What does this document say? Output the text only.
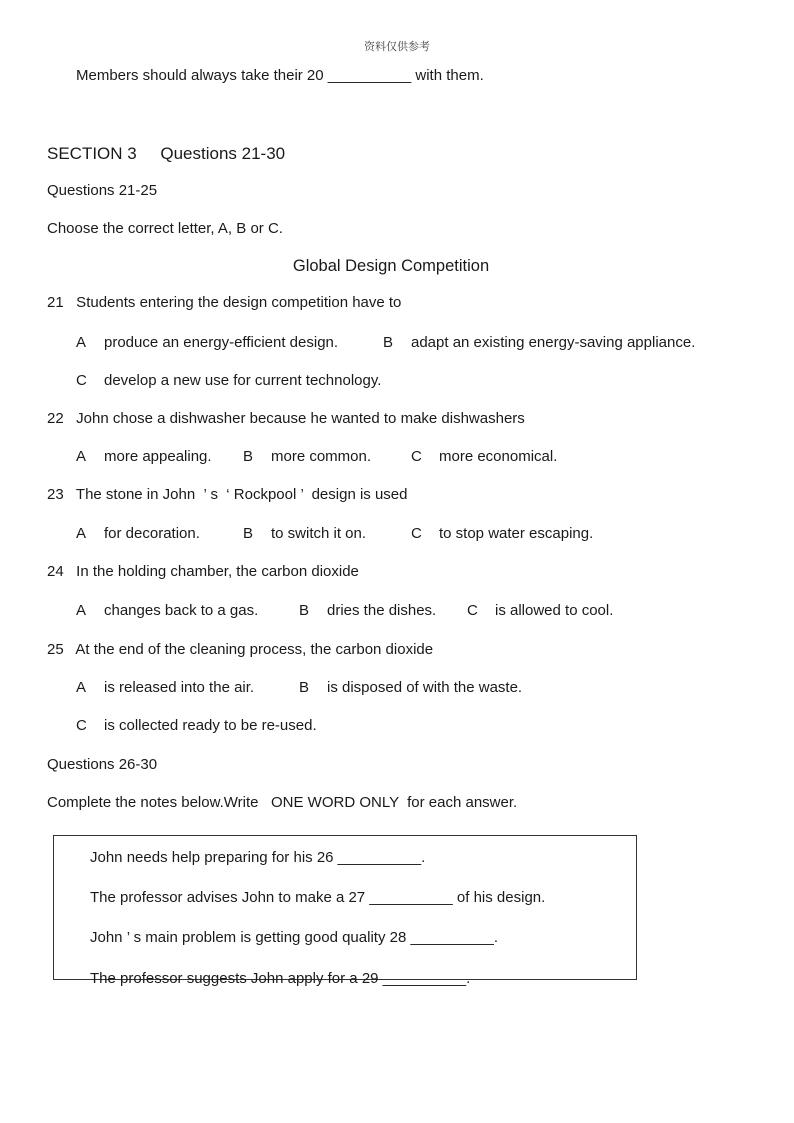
资料仅供参考
Members should always take their 20 __________ with them.
SECTION 3     Questions 21-30
Questions 21-25
Choose the correct letter, A, B or C.
Global Design Competition
21   Students entering the design competition have to
A produce an energy-efficient design.	B adapt an existing energy-saving appliance.
C develop a new use for current technology.
22   John chose a dishwasher because he wanted to make dishwashers
A more appealing. B more common.	C more economical.
23   The stone in John  ’ s  ‘ Rockpool ’  design is used
A for decoration.	B to switch it on.	C to stop water escaping.
24   In the holding chamber, the carbon dioxide
A changes back to a gas.	B dries the dishes. C is allowed to cool.
25   At the end of the cleaning process, the carbon dioxide
A is released into the air.	B is disposed of with the waste.
C is collected ready to be re-used.
Questions 26-30
Complete the notes below.Write   ONE WORD ONLY  for each answer.
John needs help preparing for his 26 __________.
The professor advises John to make a 27 __________ of his design.
John ’ s main problem is getting good quality 28 __________.
The professor suggests John apply for a 29 __________.
